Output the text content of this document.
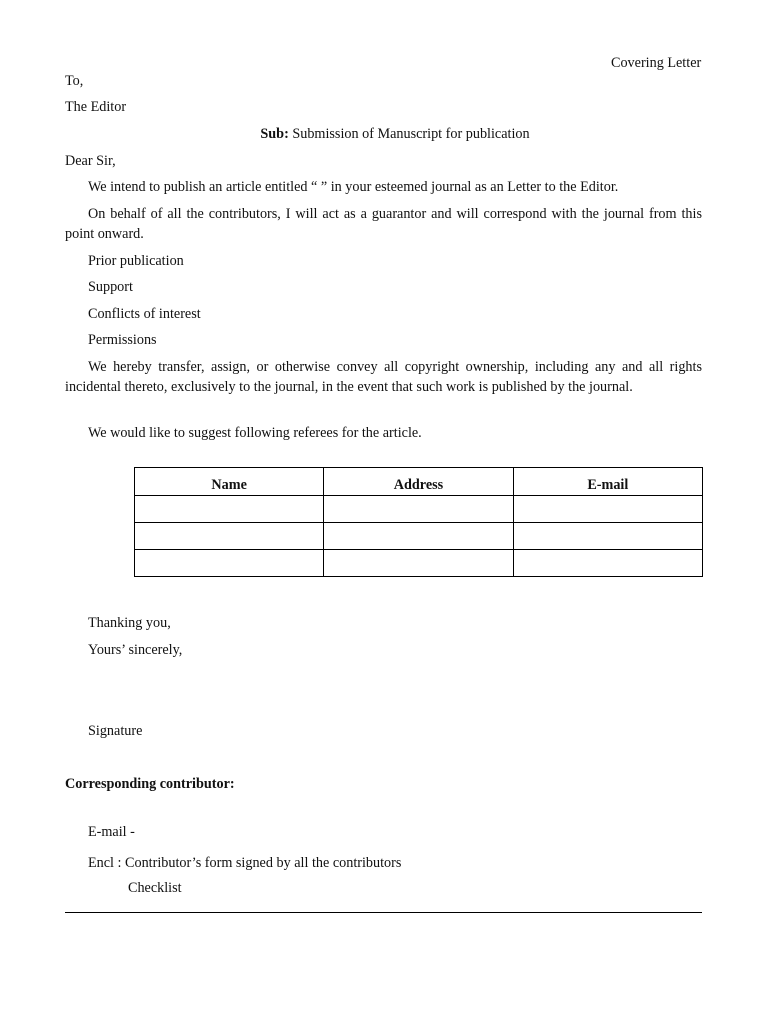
Covering Letter
To,
The Editor
Sub: Submission of Manuscript for publication
Dear Sir,
We intend to publish an article entitled “ ” in your esteemed journal as an Letter to the Editor.
On behalf of all the contributors, I will act as a guarantor and will correspond with the journal from this point onward.
Prior publication
Support
Conflicts of interest
Permissions
We hereby transfer, assign, or otherwise convey all copyright ownership, including any and all rights incidental thereto, exclusively to the journal, in the event that such work is published by the journal.
We would like to suggest following referees for the article.
Name	Address	E-mail

Thanking you,
Yours’ sincerely,
Signature
Corresponding contributor:
E-mail -
Encl : Contributor’s form signed by all the contributors
Checklist
